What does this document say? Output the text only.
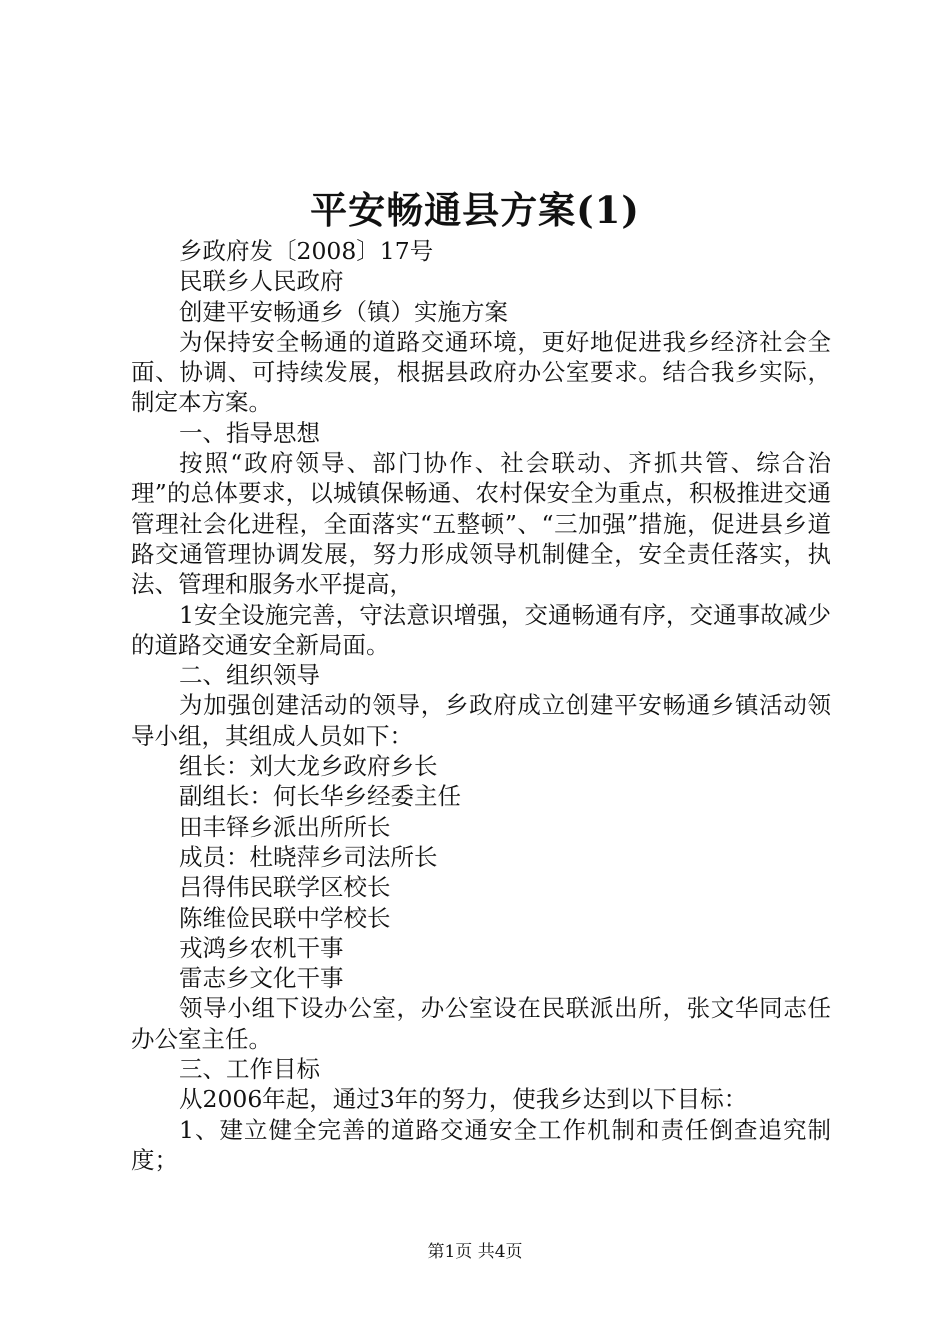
平安畅通县方案(1)

乡政府发〔2008〕17号

民联乡人民政府

创建平安畅通乡（镇）实施方案

为保持安全畅通的道路交通环境，更好地促进我乡经济社会全面、协调、可持续发展，根据县政府办公室要求。结合我乡实际，制定本方案。

一、指导思想

按照“政府领导、部门协作、社会联动、齐抓共管、综合治理”的总体要求，以城镇保畅通、农村保安全为重点，积极推进交通管理社会化进程，全面落实“五整顿”、“三加强”措施，促进县乡道路交通管理协调发展，努力形成领导机制健全，安全责任落实，执法、管理和服务水平提高，

1安全设施完善，守法意识增强，交通畅通有序，交通事故减少的道路交通安全新局面。

二、组织领导

为加强创建活动的领导，乡政府成立创建平安畅通乡镇活动领导小组，其组成人员如下：

组长：刘大龙乡政府乡长

副组长：何长华乡经委主任

田丰铎乡派出所所长

成员：杜晓萍乡司法所长

吕得伟民联学区校长

陈维俭民联中学校长

戎鸿乡农机干事

雷志乡文化干事

领导小组下设办公室，办公室设在民联派出所，张文华同志任办公室主任。

三、工作目标

从2006年起，通过3年的努力，使我乡达到以下目标：

1、建立健全完善的道路交通安全工作机制和责任倒查追究制度；

第1页 共4页
